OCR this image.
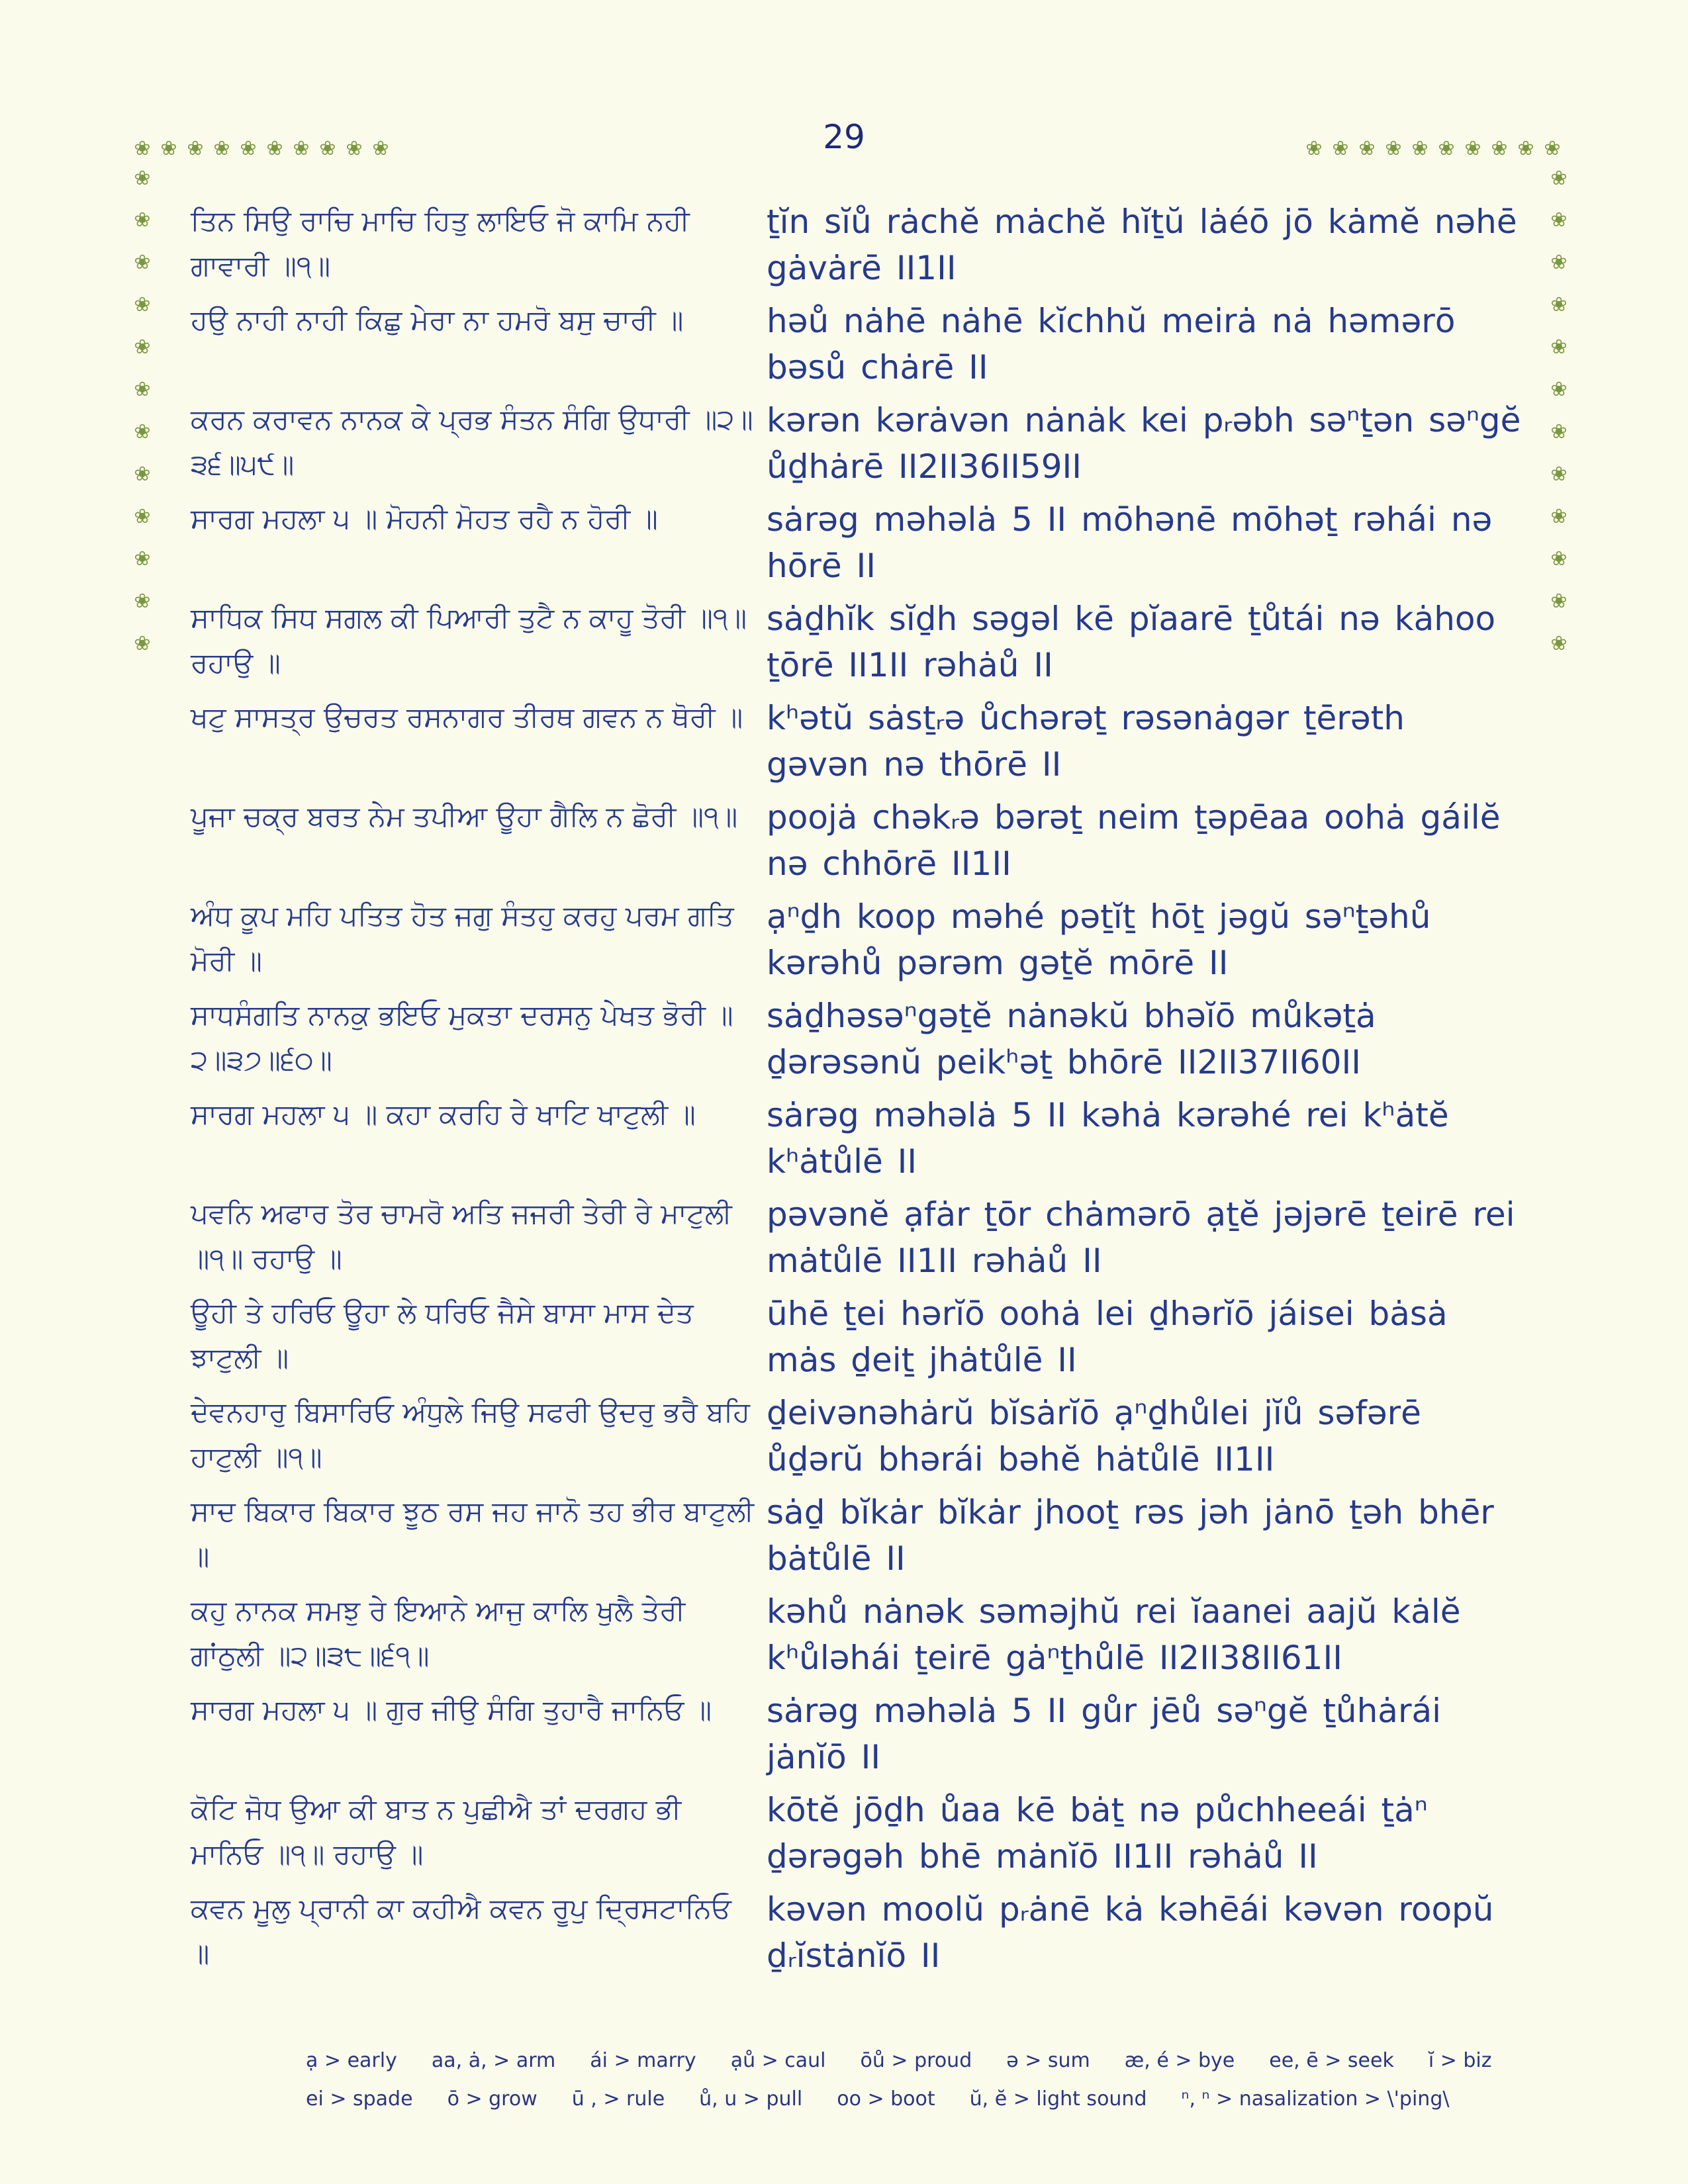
29
❀ ❀ ❀ ❀ ❀ ❀ ❀ ❀ ❀ ❀	❀ ❀ ❀ ❀ ❀ ❀ ❀ ❀ ❀ ❀
❀
❀
❀
❀
❀
❀
❀
❀
❀
❀
❀
❀
❀
❀
❀
❀
❀
❀
❀
❀
❀
❀
❀
❀
ਤਿਨ ਸਿਉ ਰਾਚਿ ਮਾਚਿ ਹਿਤੁ ਲਾਇਓ ਜੋ ਕਾਮਿ ਨਹੀ ਗਾਵਾਰੀ ॥੧॥
ṯĭn sĭů rȧchĕ mȧchĕ hĭṯŭ lȧéō jō kȧmĕ nəhē gȧvȧrē II1II
ਹਉ ਨਾਹੀ ਨਾਹੀ ਕਿਛੁ ਮੇਰਾ ਨਾ ਹਮਰੋ ਬਸੁ ਚਾਰੀ ॥	həů nȧhē nȧhē kĭchhŭ meirȧ nȧ həmərō bəsů chȧrē II
ਕਰਨ ਕਰਾਵਨ ਨਾਨਕ ਕੇ ਪ੍ਰਭ ਸੰਤਨ ਸੰਗਿ ਉਧਾਰੀ ॥੨॥੩੬॥੫੯॥
kərən kərȧvən nȧnȧk kei pᵣəbh səⁿṯən səⁿgĕ ůḏhȧrē II2II36II59II
ਸਾਰਗ ਮਹਲਾ ੫ ॥ ਮੋਹਨੀ ਮੋਹਤ ਰਹੈ ਨ ਹੋਰੀ ॥	sȧrəg məhəlȧ 5 II mōhənē mōhəṯ rəhái nə hōrē II
ਸਾਧਿਕ ਸਿਧ ਸਗਲ ਕੀ ਪਿਆਰੀ ਤੁਟੈ ਨ ਕਾਹੂ ਤੋਰੀ ॥੧॥ ਰਹਾਉ ॥
sȧḏhĭk sĭḏh səgəl kē pĭaarē ṯůtái nə kȧhoo ṯōrē II1II rəhȧů II
ਖਟੁ ਸਾਸਤ੍ਰ ਉਚਰਤ ਰਸਨਾਗਰ ਤੀਰਥ ਗਵਨ ਨ ਥੋਰੀ ॥ kʰətŭ sȧsṯᵣə ůchərəṯ rəsənȧgər ṯērəth gəvən nə thōrē II
ਪੂਜਾ ਚਕ੍ਰ ਬਰਤ ਨੇਮ ਤਪੀਆ ਊਹਾ ਗੈਲਿ ਨ ਛੋਰੀ ॥੧॥ poojȧ chəkᵣə bərəṯ neim ṯəpēaa oohȧ gáilĕ nə chhōrē II1II
ਅੰਧ ਕੂਪ ਮਹਿ ਪਤਿਤ ਹੋਤ ਜਗੁ ਸੰਤਹੁ ਕਰਹੁ ਪਰਮ ਗਤਿ ਮੋਰੀ ॥
ạⁿḏh koop məhé pəṯĭṯ hōṯ jəgŭ səⁿṯəhů kərəhů pərəm gəṯĕ mōrē II
ਸਾਧਸੰਗਤਿ ਨਾਨਕੁ ਭਇਓ ਮੁਕਤਾ ਦਰਸਨੁ ਪੇਖਤ ਭੋਰੀ ॥੨॥੩੭॥੬੦॥
sȧḏhəsəⁿgəṯĕ nȧnəkŭ bhəĭō můkəṯȧ ḏərəsənŭ peikʰəṯ bhōrē II2II37II60II
ਸਾਰਗ ਮਹਲਾ ੫ ॥ ਕਹਾ ਕਰਹਿ ਰੇ ਖਾਟਿ ਖਾਟੁਲੀ ॥	sȧrəg məhəlȧ 5 II kəhȧ kərəhé rei kʰȧtĕ kʰȧtůlē II
ਪਵਨਿ ਅਫਾਰ ਤੋਰ ਚਾਮਰੋ ਅਤਿ ਜਜਰੀ ਤੇਰੀ ਰੇ ਮਾਟੁਲੀ ॥੧॥ ਰਹਾਉ ॥
pəvənĕ ạfȧr ṯōr chȧmərō ạṯĕ jəjərē ṯeirē rei mȧtůlē II1II rəhȧů II
ਊਹੀ ਤੇ ਹਰਿਓ ਊਹਾ ਲੇ ਧਰਿਓ ਜੈਸੇ ਬਾਸਾ ਮਾਸ ਦੇਤ ਝਾਟੁਲੀ ॥
ūhē ṯei hərĭō oohȧ lei ḏhərĭō jáisei bȧsȧ mȧs ḏeiṯ jhȧtůlē II
ਦੇਵਨਹਾਰੁ ਬਿਸਾਰਿਓ ਅੰਧੁਲੇ ਜਿਉ ਸਫਰੀ ਉਦਰੁ ਭਰੈ ਬਹਿ ਹਾਟੁਲੀ ॥੧॥
ḏeivənəhȧrŭ bĭsȧrĭō ạⁿḏhůlei jĭů səfərē ůḏərŭ bhərái bəhĕ hȧtůlē II1II
ਸਾਦ ਬਿਕਾਰ ਬਿਕਾਰ ਝੂਠ ਰਸ ਜਹ ਜਾਨੋ ਤਹ ਭੀਰ ਬਾਟੁਲੀ ॥
sȧḏ bĭkȧr bĭkȧr jhooṯ rəs jəh jȧnō ṯəh bhēr bȧtůlē II
ਕਹੁ ਨਾਨਕ ਸਮਝੁ ਰੇ ਇਆਨੇ ਆਜੁ ਕਾਲਿ ਖੁਲੈ ਤੇਰੀ ਗਾਂਠੁਲੀ ॥੨॥੩੮॥੬੧॥
kəhů nȧnək səməjhŭ rei ĭaanei aajŭ kȧlĕ kʰůləhái ṯeirē gȧⁿṯhůlē II2II38II61II
ਸਾਰਗ ਮਹਲਾ ੫ ॥ ਗੁਰ ਜੀਉ ਸੰਗਿ ਤੁਹਾਰੈ ਜਾਨਿਓ ॥	sȧrəg məhəlȧ 5 II gůr jēů səⁿgĕ ṯůhȧrái jȧnĭō II
ਕੋਟਿ ਜੋਧ ਉਆ ਕੀ ਬਾਤ ਨ ਪੁਛੀਐ ਤਾਂ ਦਰਗਹ ਭੀ ਮਾਨਿਓ ॥੧॥ ਰਹਾਉ ॥
kōtĕ jōḏh ůaa kē bȧṯ nə půchheeái ṯȧⁿ ḏərəgəh bhē mȧnĭō II1II rəhȧů II
ਕਵਨ ਮੂਲੁ ਪ੍ਰਾਨੀ ਕਾ ਕਹੀਐ ਕਵਨ ਰੂਪੁ ਦ੍ਰਿਸਟਾਨਿਓ ॥
kəvən moolŭ pᵣȧnē kȧ kəhēái kəvən roopŭ ḏᵣĭstȧnĭō II
ạ > early aa, ȧ, > arm ái > marry ạů > caul ōů > proud ə > sum æ, é > bye ee, ē > seek ĭ > biz
ei > spade ō > grow ū , > rule ů, u > pull oo > boot ŭ, ĕ > light sound ⁿ, ⁿ > nasalization > \'ping\
